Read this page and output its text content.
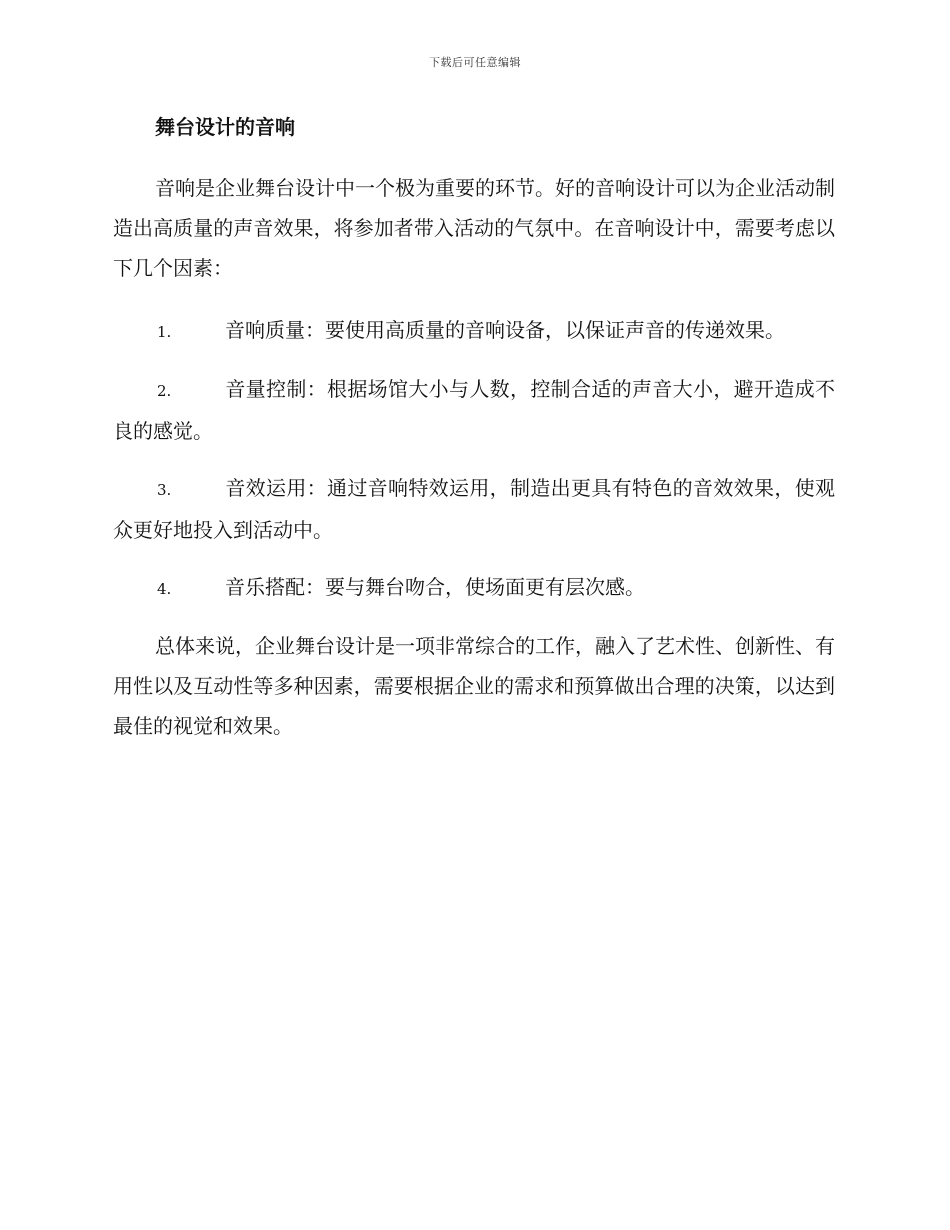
下载后可任意编辑
舞台设计的音响

音响是企业舞台设计中一个极为重要的环节。好的音响设计可以为企业活动制造出高质量的声音效果，将参加者带入活动的气氛中。在音响设计中，需要考虑以下几个因素：

1.	音响质量：要使用高质量的音响设备，以保证声音的传递效果。
2.	音量控制：根据场馆大小与人数，控制合适的声音大小，避开造成不良的感觉。
3.	音效运用：通过音响特效运用，制造出更具有特色的音效效果，使观众更好地投入到活动中。
4.	音乐搭配：要与舞台吻合，使场面更有层次感。

总体来说，企业舞台设计是一项非常综合的工作，融入了艺术性、创新性、有用性以及互动性等多种因素，需要根据企业的需求和预算做出合理的决策，以达到最佳的视觉和效果。
